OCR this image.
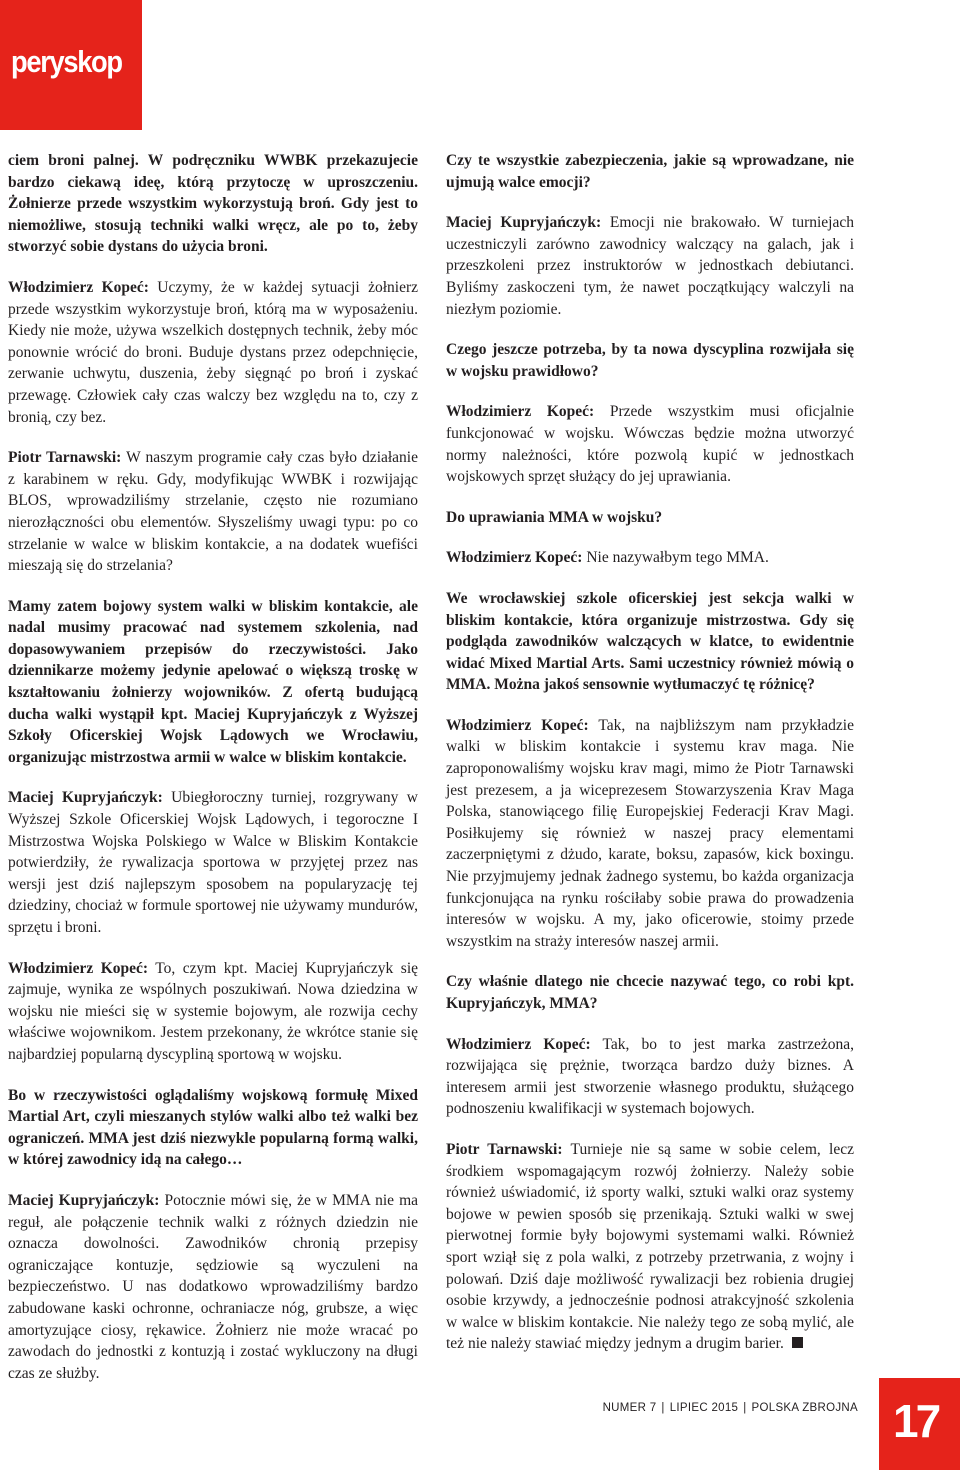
peryskop

ciem broni palnej. W podręczniku WWBK przekazujecie bardzo ciekawą ideę, którą przytoczę w uproszczeniu. Żołnierze przede wszystkim wykorzystują broń. Gdy jest to niemożliwe, stosują techniki walki wręcz, ale po to, żeby stworzyć sobie dystans do użycia broni.

Włodzimierz Kopeć: Uczymy, że w każdej sytuacji żołnierz przede wszystkim wykorzystuje broń, którą ma w wyposażeniu. Kiedy nie może, używa wszelkich dostępnych technik, żeby móc ponownie wrócić do broni. Buduje dystans przez odepchnięcie, zerwanie uchwytu, duszenia, żeby sięgnąć po broń i zyskać przewagę. Człowiek cały czas walczy bez względu na to, czy z bronią, czy bez.

Piotr Tarnawski: W naszym programie cały czas było działanie z karabinem w ręku. Gdy, modyfikując WWBK i rozwijając BLOS, wprowadziliśmy strzelanie, często nie rozumiano nierozłączności obu elementów. Słyszeliśmy uwagi typu: po co strzelanie w walce w bliskim kontakcie, a na dodatek wuefiści mieszają się do strzelania?

Mamy zatem bojowy system walki w bliskim kontakcie, ale nadal musimy pracować nad systemem szkolenia, nad dopasowywaniem przepisów do rzeczywistości. Jako dziennikarze możemy jedynie apelować o większą troskę w kształtowaniu żołnierzy wojowników. Z ofertą budującą ducha walki wystąpił kpt. Maciej Kupryjańczyk z Wyższej Szkoły Oficerskiej Wojsk Lądowych we Wrocławiu, organizując mistrzostwa armii w walce w bliskim kontakcie.

Maciej Kupryjańczyk: Ubiegłoroczny turniej, rozgrywany w Wyższej Szkole Oficerskiej Wojsk Lądowych, i tegoroczne I Mistrzostwa Wojska Polskiego w Walce w Bliskim Kontakcie potwierdziły, że rywalizacja sportowa w przyjętej przez nas wersji jest dziś najlepszym sposobem na popularyzację tej dziedziny, chociaż w formule sportowej nie używamy mundurów, sprzętu i broni.

Włodzimierz Kopeć: To, czym kpt. Maciej Kupryjańczyk się zajmuje, wynika ze wspólnych poszukiwań. Nowa dziedzina w wojsku nie mieści się w systemie bojowym, ale rozwija cechy właściwe wojownikom. Jestem przekonany, że wkrótce stanie się najbardziej popularną dyscypliną sportową w wojsku.

Bo w rzeczywistości oglądaliśmy wojskową formułę Mixed Martial Art, czyli mieszanych stylów walki albo też walki bez ograniczeń. MMA jest dziś niezwykle popularną formą walki, w której zawodnicy idą na całego…

Maciej Kupryjańczyk: Potocznie mówi się, że w MMA nie ma reguł, ale połączenie technik walki z różnych dziedzin nie oznacza dowolności. Zawodników chronią przepisy ograniczające kontuzje, sędziowie są wyczuleni na bezpieczeństwo. U nas dodatkowo wprowadziliśmy bardzo zabudowane kaski ochronne, ochraniacze nóg, grubsze, a więc amortyzujące ciosy, rękawice. Żołnierz nie może wracać po zawodach do jednostki z kontuzją i zostać wykluczony na długi czas ze służby.

Czy te wszystkie zabezpieczenia, jakie są wprowadzane, nie ujmują walce emocji?

Maciej Kupryjańczyk: Emocji nie brakowało. W turniejach uczestniczyli zarówno zawodnicy walczący na galach, jak i przeszkoleni przez instruktorów w jednostkach debiutanci. Byliśmy zaskoczeni tym, że nawet początkujący walczyli na niezłym poziomie.

Czego jeszcze potrzeba, by ta nowa dyscyplina rozwijała się w wojsku prawidłowo?

Włodzimierz Kopeć: Przede wszystkim musi oficjalnie funkcjonować w wojsku. Wówczas będzie można utworzyć normy należności, które pozwolą kupić w jednostkach wojskowych sprzęt służący do jej uprawiania.

Do uprawiania MMA w wojsku?

Włodzimierz Kopeć: Nie nazywałbym tego MMA.

We wrocławskiej szkole oficerskiej jest sekcja walki w bliskim kontakcie, która organizuje mistrzostwa. Gdy się podgląda zawodników walczących w klatce, to ewidentnie widać Mixed Martial Arts. Sami uczestnicy również mówią o MMA. Można jakoś sensownie wytłumaczyć tę różnicę?

Włodzimierz Kopeć: Tak, na najbliższym nam przykładzie walki w bliskim kontakcie i systemu krav maga. Nie zaproponowaliśmy wojsku krav magi, mimo że Piotr Tarnawski jest prezesem, a ja wiceprezesem Stowarzyszenia Krav Maga Polska, stanowiącego filię Europejskiej Federacji Krav Magi. Posiłkujemy się również w naszej pracy elementami zaczerpniętymi z dżudo, karate, boksu, zapasów, kick boxingu. Nie przyjmujemy jednak żadnego systemu, bo każda organizacja funkcjonująca na rynku rościłaby sobie prawa do prowadzenia interesów w wojsku. A my, jako oficerowie, stoimy przede wszystkim na straży interesów naszej armii.

Czy właśnie dlatego nie chcecie nazywać tego, co robi kpt. Kupryjańczyk, MMA?

Włodzimierz Kopeć: Tak, bo to jest marka zastrzeżona, rozwijająca się prężnie, tworząca bardzo duży biznes. A interesem armii jest stworzenie własnego produktu, służącego podnoszeniu kwalifikacji w systemach bojowych.

Piotr Tarnawski: Turnieje nie są same w sobie celem, lecz środkiem wspomagającym rozwój żołnierzy. Należy sobie również uświadomić, iż sporty walki, sztuki walki oraz systemy bojowe w pewien sposób się przenikają. Sztuki walki w swej pierwotnej formie były bojowymi systemami walki. Również sport wziął się z pola walki, z potrzeby przetrwania, z wojny i polowań. Dziś daje możliwość rywalizacji bez robienia drugiej osobie krzywdy, a jednocześnie podnosi atrakcyjność szkolenia w walce w bliskim kontakcie. Nie należy tego ze sobą mylić, ale też nie należy stawiać między jednym a drugim barier.

NUMER 7 | LIPIEC 2015 | POLSKA ZBROJNA 17
